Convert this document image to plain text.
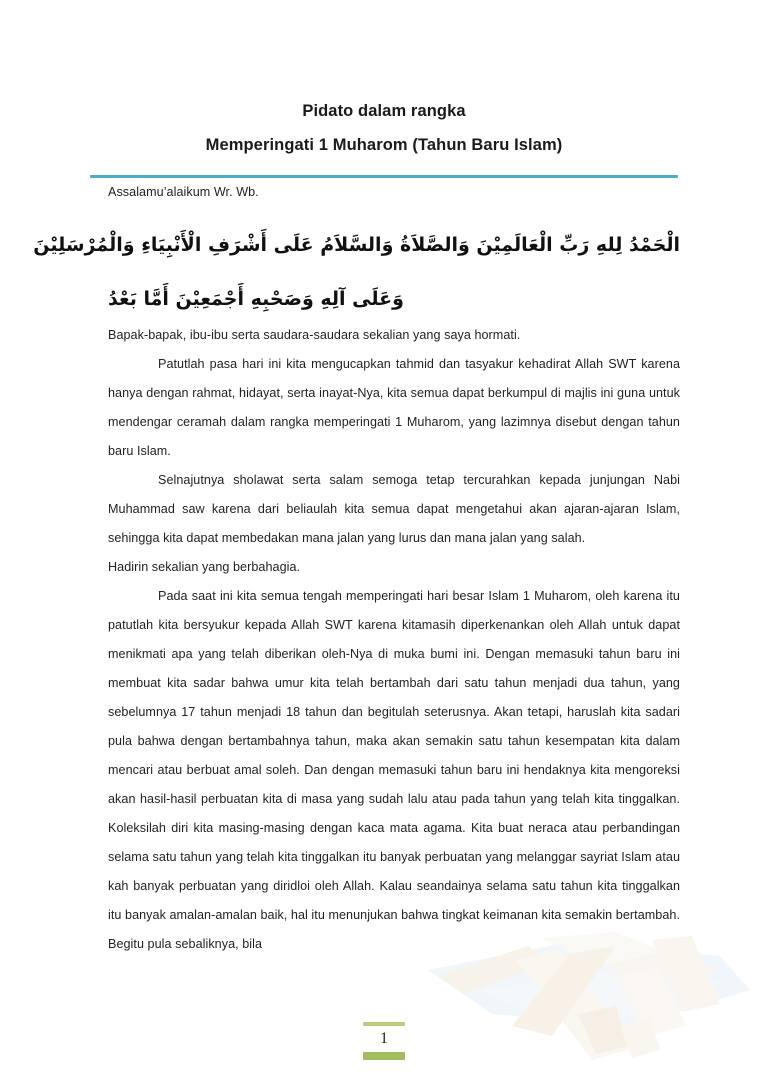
Pidato dalam rangka
Memperingati 1 Muharom (Tahun Baru Islam)

Assalamu’alaikum Wr. Wb.

الْحَمْدُ لِلهِ رَبِّ الْعَالَمِيْنَ وَالصَّلاَةُ وَالسَّلاَمُ عَلَى أَشْرَفِ الْأَنْبِيَاءِ وَالْمُرْسَلِيْنَ

وَعَلَى آلِهِ وَصَحْبِهِ أَجْمَعِيْنَ أَمَّا بَعْدُ

Bapak-bapak, ibu-ibu serta saudara-saudara sekalian yang saya hormati.

Patutlah pasa hari ini kita mengucapkan tahmid dan tasyakur kehadirat Allah SWT karena hanya dengan rahmat, hidayat, serta inayat-Nya, kita semua dapat berkumpul di majlis ini guna untuk mendengar ceramah dalam rangka memperingati 1 Muharom, yang lazimnya disebut dengan tahun baru Islam.

Selnajutnya sholawat serta salam semoga tetap tercurahkan kepada junjungan Nabi Muhammad saw karena dari beliaulah kita semua dapat mengetahui akan ajaran-ajaran Islam, sehingga kita dapat membedakan mana jalan yang lurus dan mana jalan yang salah.

Hadirin sekalian yang berbahagia.

Pada saat ini kita semua tengah memperingati hari besar Islam 1 Muharom, oleh karena itu patutlah kita bersyukur kepada Allah SWT karena kitamasih diperkenankan oleh Allah untuk dapat menikmati apa yang telah diberikan oleh-Nya di muka bumi ini. Dengan memasuki tahun baru ini membuat kita sadar bahwa umur kita telah bertambah dari satu tahun menjadi dua tahun, yang sebelumnya 17 tahun menjadi 18 tahun dan begitulah seterusnya. Akan tetapi, haruslah kita sadari pula bahwa dengan bertambahnya tahun, maka akan semakin satu tahun kesempatan kita dalam mencari atau berbuat amal soleh. Dan dengan memasuki tahun baru ini hendaknya kita mengoreksi akan hasil-hasil perbuatan kita di masa yang sudah lalu atau pada tahun yang telah kita tinggalkan. Koleksilah diri kita masing-masing dengan kaca mata agama. Kita buat neraca atau perbandingan selama satu tahun yang telah kita tinggalkan itu banyak perbuatan yang melanggar sayriat Islam atau kah banyak perbuatan yang diridloi oleh Allah. Kalau seandainya selama satu tahun kita tinggalkan itu banyak amalan-amalan baik, hal itu menunjukan bahwa tingkat keimanan kita semakin bertambah. Begitu pula sebaliknya, bila

1
